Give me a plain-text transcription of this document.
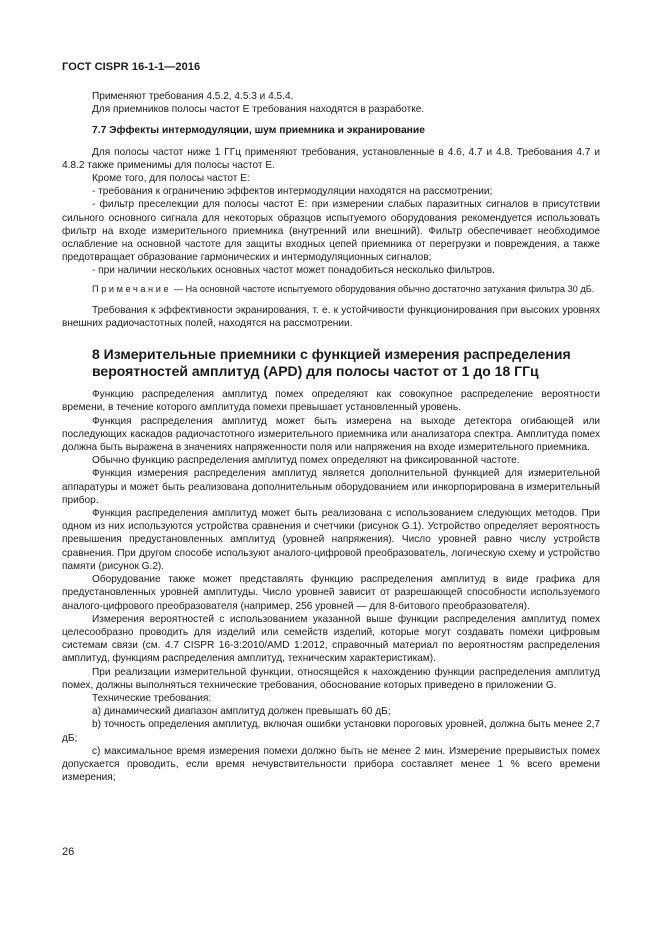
ГОСТ CISPR 16-1-1—2016

Применяют требования 4.5.2, 4.5.3 и 4.5.4.

Для приемников полосы частот E требования находятся в разработке.

7.7 Эффекты интермодуляции, шум приемника и экранирование

Для полосы частот ниже 1 ГГц применяют требования, установленные в 4.6, 4.7 и 4.8. Требования 4.7 и 4.8.2 также применимы для полосы частот E.

Кроме того, для полосы частот E:

- требования к ограничению эффектов интермодуляции находятся на рассмотрении;

- фильтр преселекции для полосы частот E: при измерении слабых паразитных сигналов в присутствии сильного основного сигнала для некоторых образцов испытуемого оборудования рекомендуется использовать фильтр на входе измерительного приемника (внутренний или внешний). Фильтр обеспечивает необходимое ослабление на основной частоте для защиты входных цепей приемника от перегрузки и повреждения, а также предотвращает образование гармонических и интермодуляционных сигналов;

- при наличии нескольких основных частот может понадобиться несколько фильтров.

Примечание — На основной частоте испытуемого оборудования обычно достаточно затухания фильтра 30 дБ.

Требования к эффективности экранирования, т. е. к устойчивости функционирования при высоких уровнях внешних радиочастотных полей, находятся на рассмотрении.

8 Измерительные приемники с функцией измерения распределения вероятностей амплитуд (APD) для полосы частот от 1 до 18 ГГц

Функцию распределения амплитуд помех определяют как совокупное распределение вероятности времени, в течение которого амплитуда помехи превышает установленный уровень.

Функция распределения амплитуд может быть измерена на выходе детектора огибающей или последующих каскадов радиочастотного измерительного приемника или анализатора спектра. Амплитуда помех должна быть выражена в значениях напряженности поля или напряжения на входе измерительного приемника.

Обычно функцию распределения амплитуд помех определяют на фиксированной частоте.

Функция измерения распределения амплитуд является дополнительной функцией для измерительной аппаратуры и может быть реализована дополнительным оборудованием или инкорпорирована в измерительный прибор.

Функция распределения амплитуд может быть реализована с использованием следующих методов. При одном из них используются устройства сравнения и счетчики (рисунок G.1). Устройство определяет вероятность превышения предустановленных амплитуд (уровней напряжения). Число уровней равно числу устройств сравнения. При другом способе используют аналого-цифровой преобразователь, логическую схему и устройство памяти (рисунок G.2).

Оборудование также может представлять функцию распределения амплитуд в виде графика для предустановленных уровней амплитуды. Число уровней зависит от разрешающей способности используемого аналого-цифрового преобразователя (например, 256 уровней — для 8-битового преобразователя).

Измерения вероятностей с использованием указанной выше функции распределения амплитуд помех целесообразно проводить для изделий или семейств изделий, которые могут создавать помехи цифровым системам связи (см. 4.7 CISPR 16-3:2010/AMD 1:2012, справочный материал по вероятностям распределения амплитуд, функциям распределения амплитуд, техническим характеристикам).

При реализации измерительной функции, относящейся к нахождению функции распределения амплитуд помех, должны выполняться технические требования, обоснование которых приведено в приложении G.

Технические требования:

a) динамический диапазон амплитуд должен превышать 60 дБ;

b) точность определения амплитуд, включая ошибки установки пороговых уровней, должна быть менее 2,7 дБ;

c) максимальное время измерения помехи должно быть не менее 2 мин. Измерение прерывистых помех допускается проводить, если время нечувствительности прибора составляет менее 1 % всего времени измерения;

26
